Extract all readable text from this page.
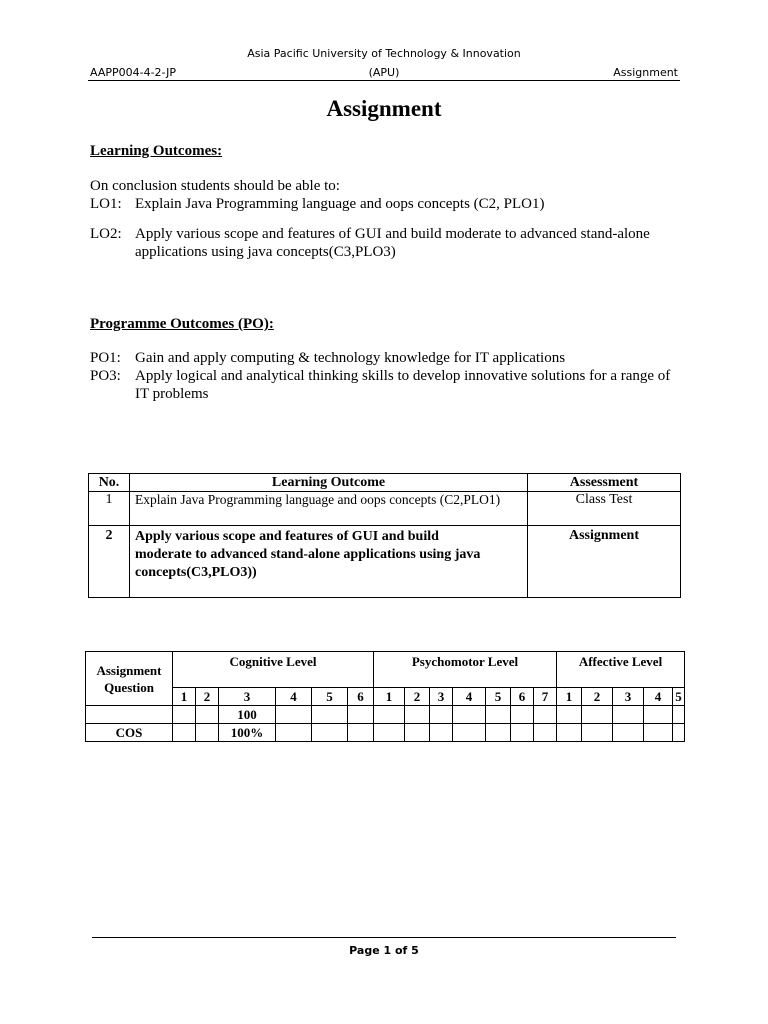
Asia Pacific University of Technology & Innovation
AAPP004-4-2-JP	(APU)	Assignment
Assignment
Learning Outcomes:
On conclusion students should be able to:
LO1: Explain Java Programming language and oops concepts (C2, PLO1)
LO2: Apply various scope and features of GUI and build moderate to advanced stand-alone
applications using java concepts(C3,PLO3)
Programme Outcomes (PO):
PO1: Gain and apply computing & technology knowledge for IT applications
PO3: Apply logical and analytical thinking skills to develop innovative solutions for a range of
IT problems
No.	Learning Outcome	Assessment
1	Explain Java Programming language and oops concepts (C2,PLO1)	Class Test
2	Apply various scope and features of GUI and build
moderate to advanced stand-alone applications using java
concepts(C3,PLO3))	Assignment
Assignment
Question	Cognitive Level						Psychomotor Level							Affective Level				
	1	2	3	4	5	6	1	2	3	4	5	6	7	1	2	3	4	5
			100															
COS			100%															
Page 1 of 5
